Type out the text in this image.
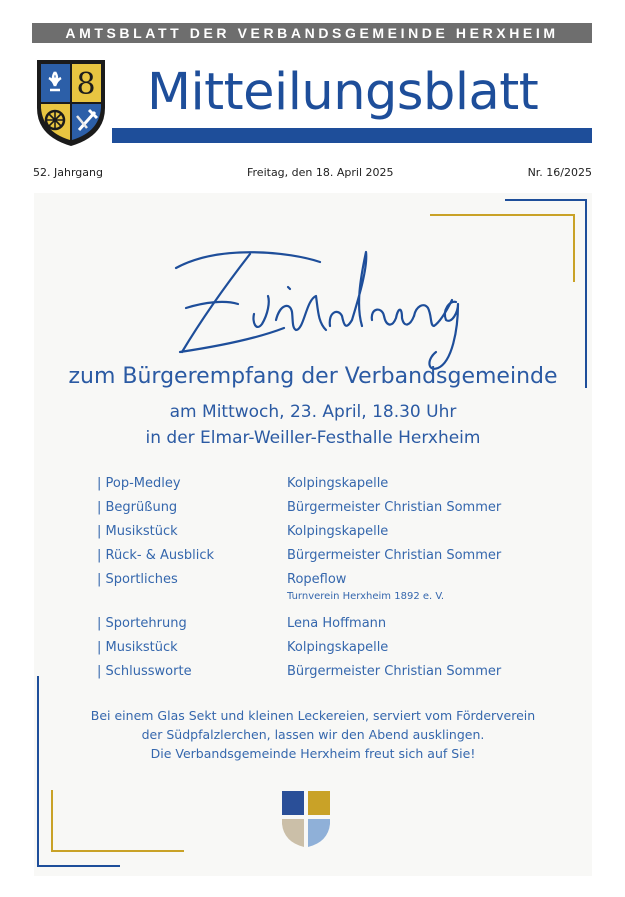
AMTSBLATT DER VERBANDSGEMEINDE HERXHEIM
8 Mitteilungsblatt
52. Jahrgang	Freitag, den 18. April 2025	Nr. 16/2025
Einladung
zum Bürgerempfang der Verbandsgemeinde
am Mittwoch, 23. April, 18.30 Uhr
in der Elmar-Weiller-Festhalle Herxheim
| Pop-Medley	Kolpingskapelle
| Begrüßung	Bürgermeister Christian Sommer
| Musikstück	Kolpingskapelle
| Rück- & Ausblick	Bürgermeister Christian Sommer
| Sportliches	Ropeflow
Turnverein Herxheim 1892 e. V.
| Sportehrung	Lena Hoffmann
| Musikstück	Kolpingskapelle
| Schlussworte	Bürgermeister Christian Sommer
Bei einem Glas Sekt und kleinen Leckereien, serviert vom Förderverein
der Südpfalzlerchen, lassen wir den Abend ausklingen.
Die Verbandsgemeinde Herxheim freut sich auf Sie!
